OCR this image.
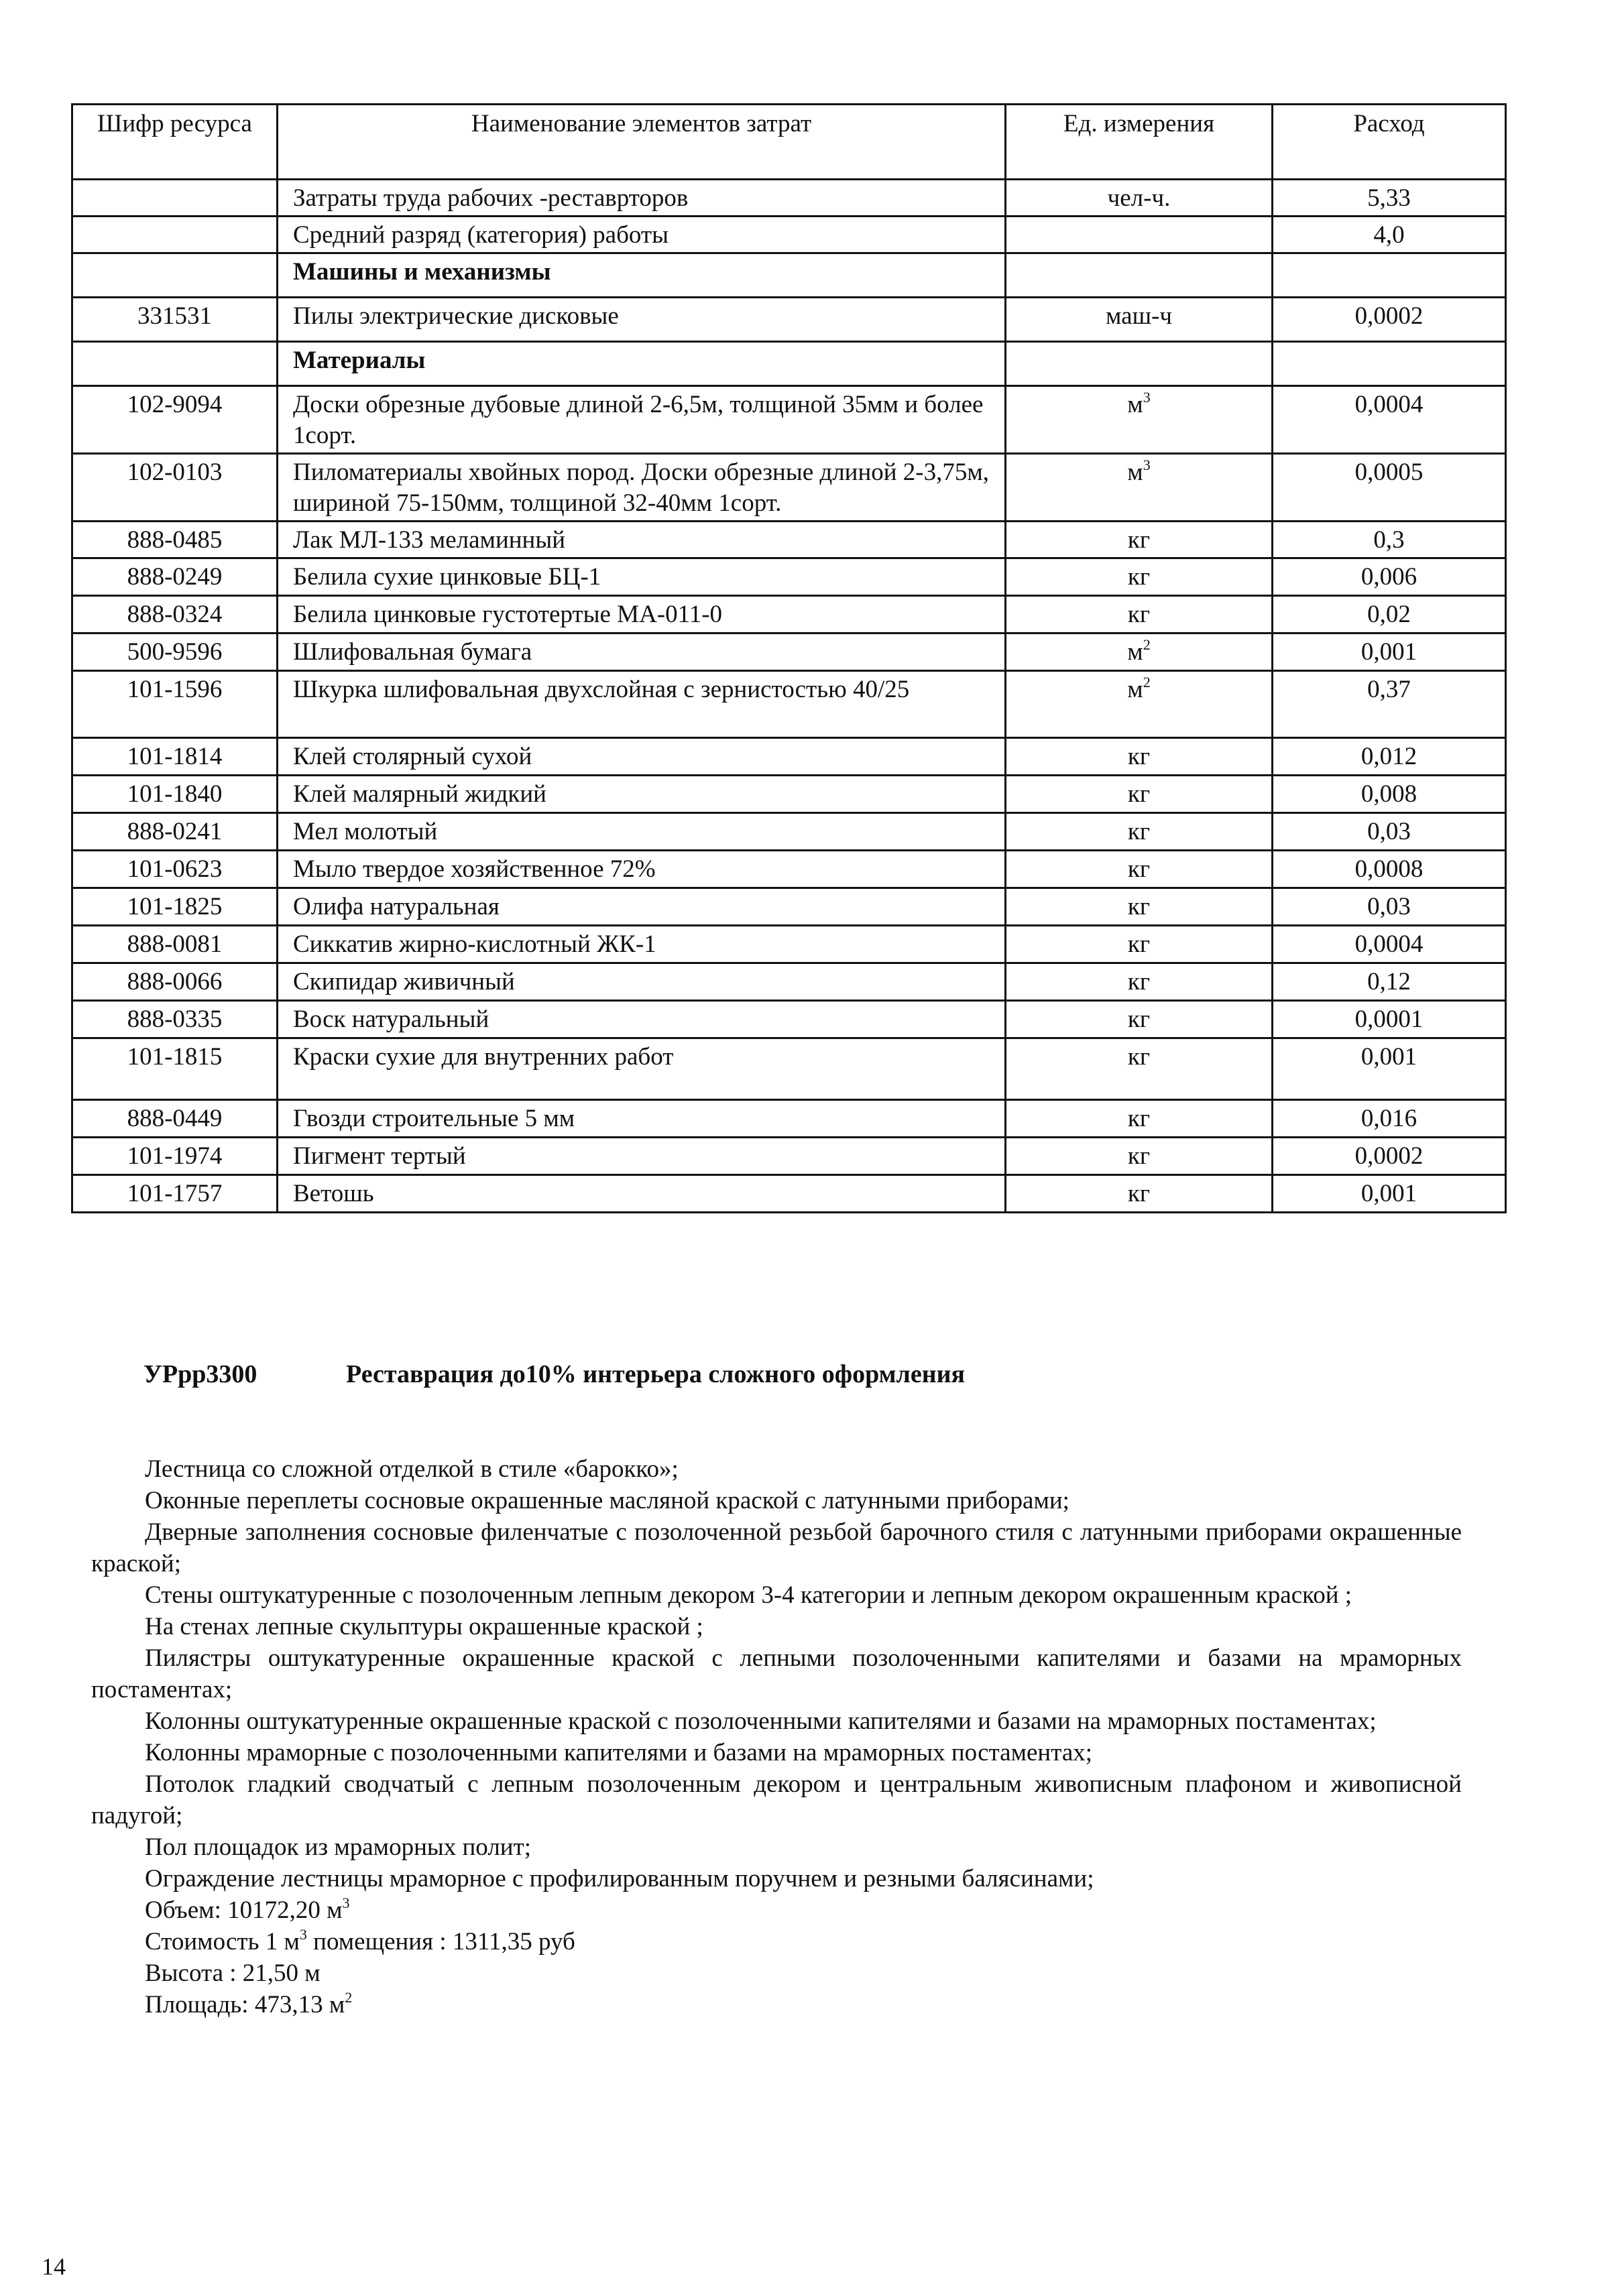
Шифр ресурса	Наименование элементов затрат	Ед. измерения	Расход
	Затраты труда рабочих -реставрторов	чел-ч.	5,33
	Средний разряд (категория) работы		4,0
	Машины и механизмы		
331531	Пилы электрические дисковые	маш-ч	0,0002
	Материалы		
102-9094	Доски обрезные дубовые длиной 2-6,5м, толщиной 35мм и более 1сорт.	$м^3$	0,0004
102-0103	Пиломатериалы хвойных пород. Доски обрезные длиной 2-3,75м, шириной 75-150мм, толщиной 32-40мм 1сорт.	$м^3$	0,0005
888-0485	Лак МЛ-133 меламинный	кг	0,3
888-0249	Белила сухие цинковые БЦ-1	кг	0,006
888-0324	Белила цинковые густотертые МА-011-0	кг	0,02
500-9596	Шлифовальная бумага	$м^2$	0,001
101-1596	Шкурка шлифовальная двухслойная с зернистостью 40/25	$м^2$	0,37
101-1814	Клей столярный сухой	кг	0,012
101-1840	Клей малярный жидкий	кг	0,008
888-0241	Мел молотый	кг	0,03
101-0623	Мыло твердое хозяйственное 72%	кг	0,0008
101-1825	Олифа натуральная	кг	0,03
888-0081	Сиккатив жирно-кислотный ЖК-1	кг	0,0004
888-0066	Скипидар живичный	кг	0,12
888-0335	Воск натуральный	кг	0,0001
101-1815	Краски сухие для внутренних работ	кг	0,001
888-0449	Гвозди строительные 5 мм	кг	0,016
101-1974	Пигмент тертый	кг	0,0002
101-1757	Ветошь	кг	0,001
УРрр3300	Реставрация до10% интерьера сложного оформления

Лестница со сложной отделкой в стиле «барокко»;

Оконные переплеты сосновые окрашенные масляной краской с латунными приборами;

Дверные заполнения сосновые филенчатые с позолоченной резьбой барочного стиля с латунными приборами окрашенные краской;

Стены оштукатуренные с позолоченным лепным декором 3-4 категории и лепным декором окрашенным краской ;

На стенах лепные скульптуры окрашенные краской ;

Пилястры оштукатуренные окрашенные краской с лепными позолоченными капителями и базами на мраморных постаментах;

Колонны оштукатуренные окрашенные краской с позолоченными капителями и базами на мраморных постаментах;

Колонны мраморные с позолоченными капителями и базами на мраморных постаментах;

Потолок гладкий сводчатый с лепным позолоченным декором и центральным живописным плафоном и живописной падугой;

Пол площадок из мраморных полит;

Ограждение лестницы мраморное с профилированным поручнем и резными балясинами;

Объем: 10172,20 $м^3$

Стоимость 1 $м^3$ помещения : 1311,35 руб

Высота : 21,50 м

Площадь: 473,13 $м^2$

14
